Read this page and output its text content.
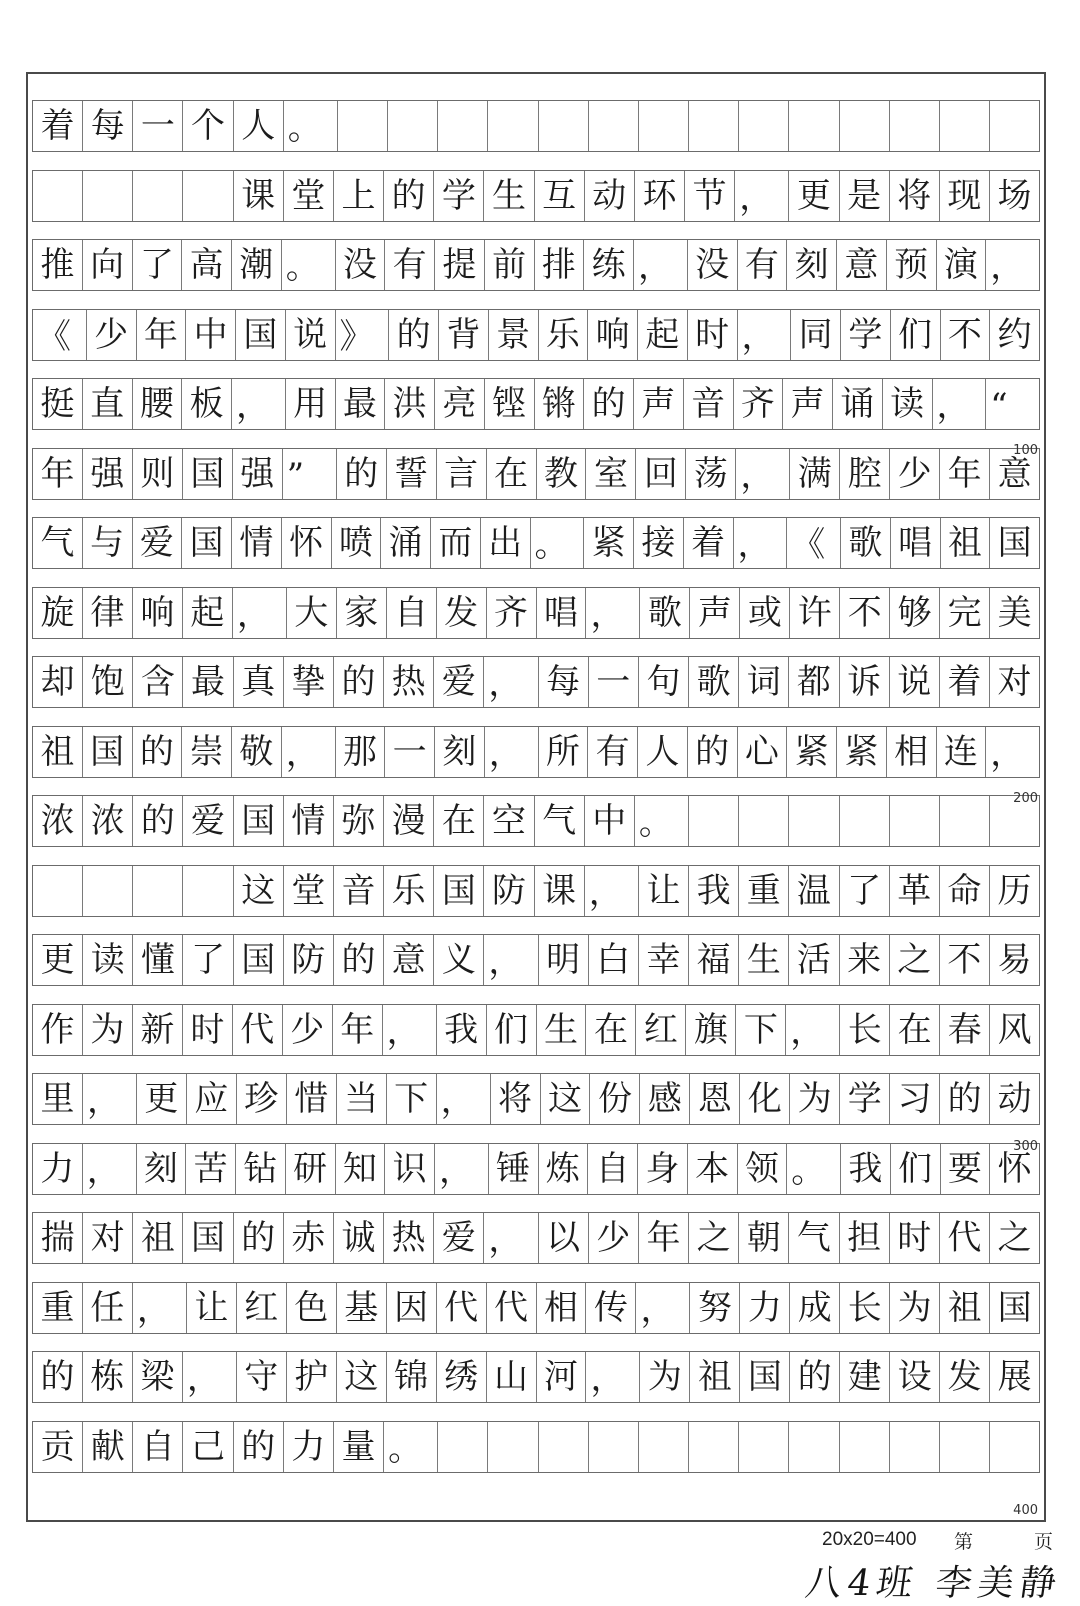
着 每 一 个 人 。
课 堂 上 的 学 生 互 动 环 节 ， 更 是 将 现 场
推 向 了 高 潮 。 没 有 提 前 排 练 ， 没 有 刻 意 预 演 ，
《 少 年 中 国 说 》 的 背 景 乐 响 起 时 ， 同 学 们 不 约
挺 直 腰 板 ， 用 最 洪 亮 铿 锵 的 声 音 齐 声 诵 读 ， “
年 强 则 国 强 ”	的 誓 言 在 教 室 回 荡 ， 满 腔 少 年 意
气 与 爱 国 情 怀 喷 涌 而 出 。 紧 接 着 ， 《 歌 唱 祖 国
旋 律 响 起 ， 大 家 自 发 齐 唱 ， 歌 声 或 许 不 够 完 美
却 饱 含 最 真 挚 的 热 爱 ， 每 一 句 歌 词 都 诉 说 着 对
祖 国 的 崇 敬 ， 那 一 刻 ， 所 有 人 的 心 紧 紧 相 连 ，
浓 浓 的 爱 国 情 弥 漫 在 空 气 中 。
这 堂 音 乐 国 防 课 ， 让 我 重 温 了 革 命 历
更 读 懂 了 国 防 的 意 义 ， 明 白 幸 福 生 活 来 之 不 易
作 为 新 时 代 少 年 ， 我 们 生 在 红 旗 下 ， 长 在 春 风
里 ， 更 应 珍 惜 当 下 ， 将 这 份 感 恩 化 为 学 习 的 动
力 ， 刻 苦 钻 研 知 识 ， 锤 炼 自 身 本 领 。 我 们 要 怀
揣 对 祖 国 的 赤 诚 热 爱 ， 以 少 年 之 朝 气 担 时 代 之
重 任 ， 让 红 色 基 因 代 代 相 传 ， 努 力 成 长 为 祖 国
的 栋 梁 ， 守 护 这 锦 绣 山 河 ， 为 祖 国 的 建 设 发 展
贡 献 自 己 的 力 量 。
100
200
300
400
20x20=400 第	页
八4班 李美静
